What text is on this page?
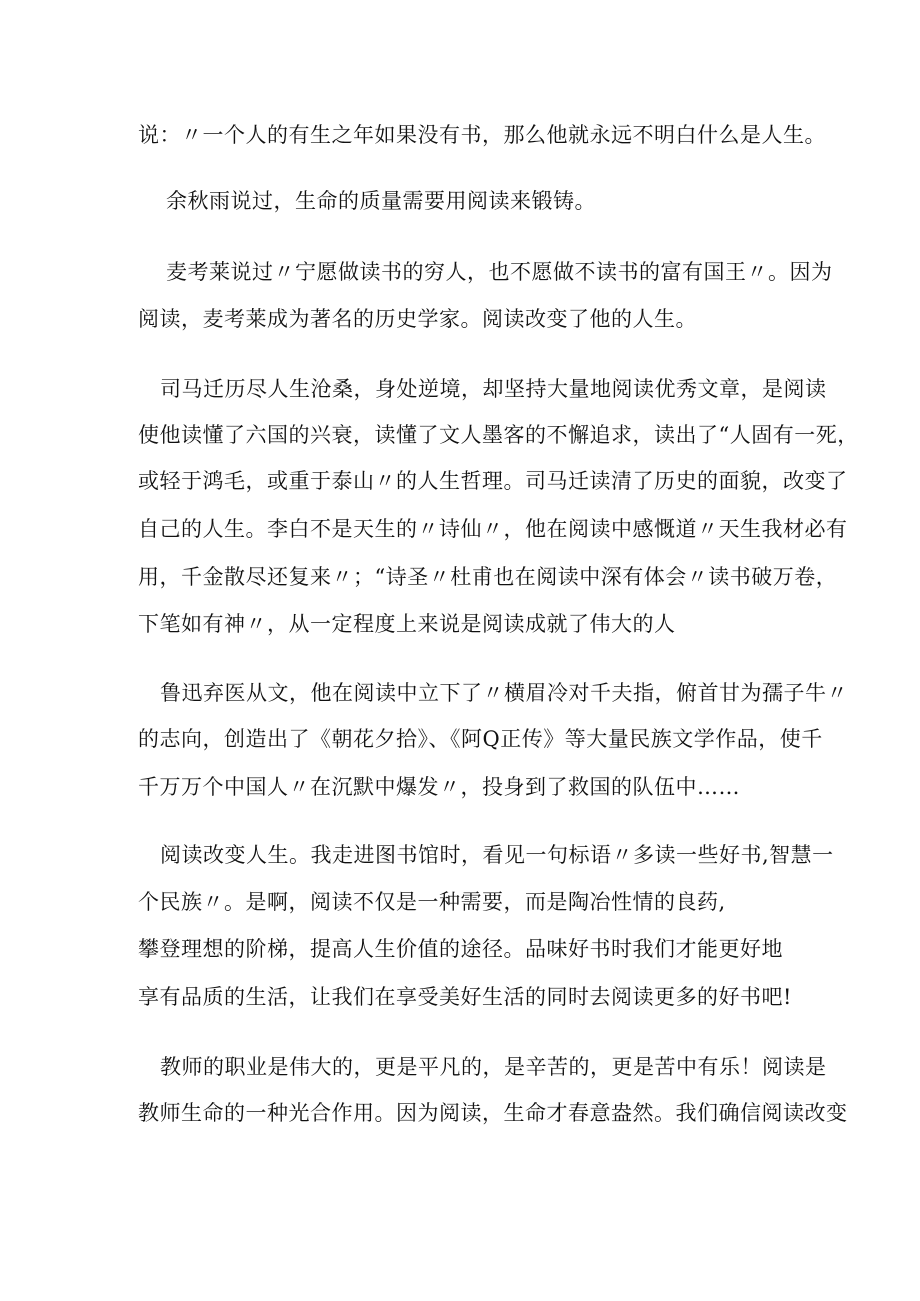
说：〃一个人的有生之年如果没有书，那么他就永远不明白什么是人生。
余秋雨说过，生命的质量需要用阅读来锻铸。
麦考莱说过〃宁愿做读书的穷人，也不愿做不读书的富有国王〃。因为
阅读，麦考莱成为著名的历史学家。阅读改变了他的人生。
司马迁历尽人生沧桑，身处逆境，却坚持大量地阅读优秀文章，是阅读
使他读懂了六国的兴衰，读懂了文人墨客的不懈追求，读出了“人固有一死，
或轻于鸿毛，或重于泰山〃的人生哲理。司马迁读清了历史的面貌，改变了
自己的人生。李白不是天生的〃诗仙〃，他在阅读中感慨道〃天生我材必有
用，千金散尽还复来〃；“诗圣〃杜甫也在阅读中深有体会〃读书破万卷，
下笔如有神〃，从一定程度上来说是阅读成就了伟大的人
鲁迅弃医从文，他在阅读中立下了〃横眉冷对千夫指，俯首甘为孺子牛〃
的志向，创造出了《朝花夕拾》、《阿Q正传》等大量民族文学作品，使千
千万万个中国人〃在沉默中爆发〃，投身到了救国的队伍中……
阅读改变人生。我走进图书馆时，看见一句标语〃多读一些好书,智慧一
个民族〃。是啊，阅读不仅是一种需要，而是陶冶性情的良药,
攀登理想的阶梯，提高人生价值的途径。品味好书时我们才能更好地
享有品质的生活，让我们在享受美好生活的同时去阅读更多的好书吧!
教师的职业是伟大的，更是平凡的，是辛苦的，更是苦中有乐！阅读是
教师生命的一种光合作用。因为阅读，生命才春意盎然。我们确信阅读改变
